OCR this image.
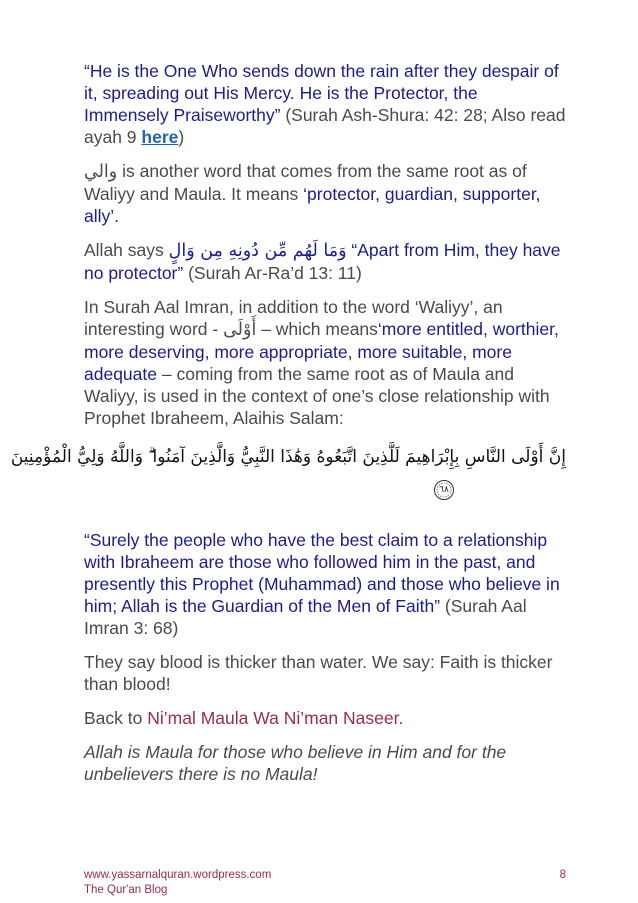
“He is the One Who sends down the rain after they despair of it, spreading out His Mercy. He is the Protector, the Immensely Praiseworthy” (Surah Ash-Shura: 42: 28; Also read ayah 9 here)

والي is another word that comes from the same root as of Waliyy and Maula. It means ‘protector, guardian, supporter, ally’.

Allah says وَمَا لَهُم مِّن دُونِهِ مِن وَالٍ “Apart from Him, they have no protector” (Surah Ar-Ra’d 13: 11)

In Surah Aal Imran, in addition to the word ‘Waliyy’, an interesting word - أَوْلَى – which means‘more entitled, worthier, more deserving, more appropriate, more suitable, more adequate – coming from the same root as of Maula and Waliyy, is used in the context of one’s close relationship with Prophet Ibraheem, Alaihis Salam:

إِنَّ أَوْلَى النَّاسِ بِإِبْرَاهِيمَ لَلَّذِينَ اتَّبَعُوهُ وَهَٰذَا النَّبِيُّ وَالَّذِينَ آمَنُوا ۗ وَاللَّهُ وَلِيُّ الْمُؤْمِنِينَ
٦٨

“Surely the people who have the best claim to a relationship with Ibraheem are those who followed him in the past, and presently this Prophet (Muhammad) and those who believe in him; Allah is the Guardian of the Men of Faith” (Surah Aal Imran 3: 68)

They say blood is thicker than water. We say: Faith is thicker than blood!

Back to Ni’mal Maula Wa Ni’man Naseer.

Allah is Maula for those who believe in Him and for the unbelievers there is no Maula!

www.yassarnalquran.wordpress.com	8
The Qur'an Blog
